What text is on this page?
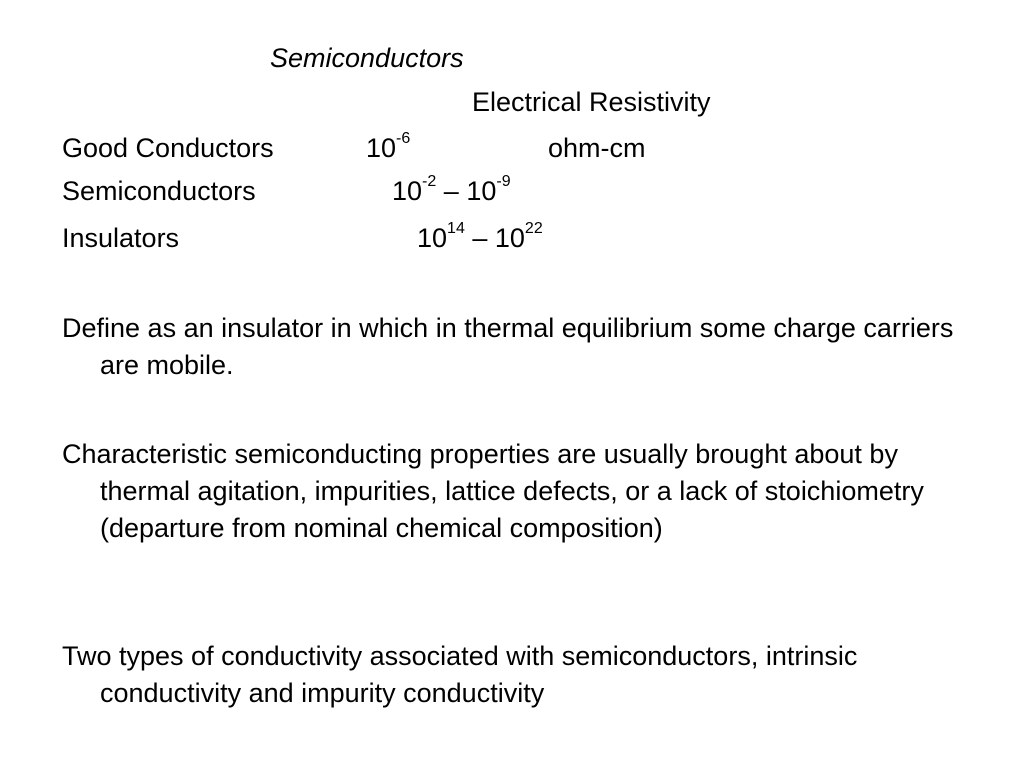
Semiconductors
Electrical Resistivity
Good Conductors	$10^{-6}$	ohm-cm
Semiconductors	$10^{-2} - 10^{-9}$
Insulators	$10^{14} - 10^{22}$

Define as an insulator in which in thermal equilibrium some charge carriers are mobile.

Characteristic semiconducting properties are usually brought about by thermal agitation, impurities, lattice defects, or a lack of stoichiometry (departure from nominal chemical composition)

Two types of conductivity associated with semiconductors, intrinsic conductivity and impurity conductivity
